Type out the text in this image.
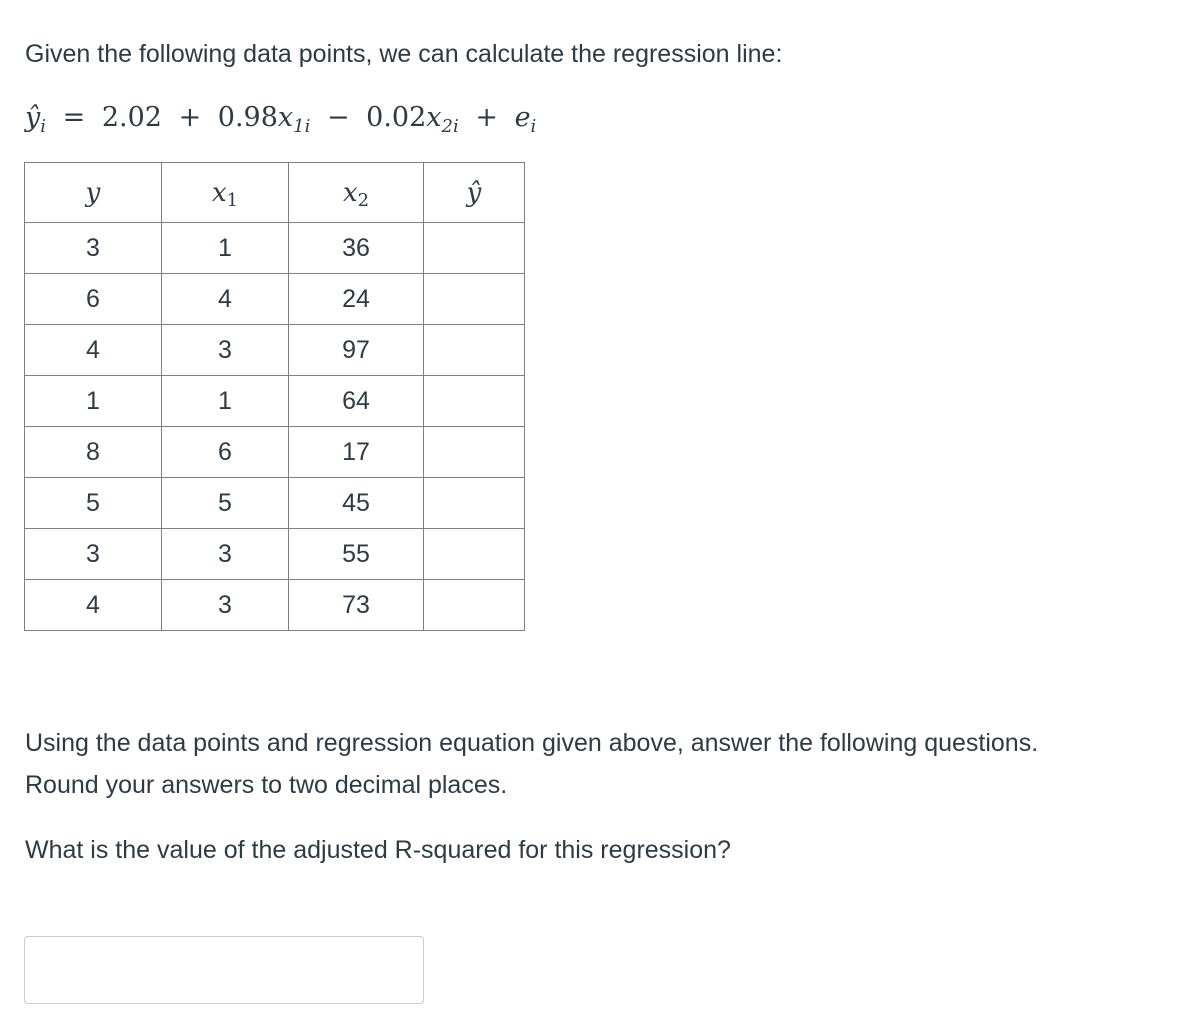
Given the following data points, we can calculate the regression line:

$ŷ_i = 2.02 + 0.98x_{1i} - 0.02x_{2i} + e_i$
y	$x_1$	$x_2$	ŷ
3	1	36	
6	4	24	
4	3	97	
1	1	64	
8	6	17	
5	5	45	
3	3	55	
4	3	73	
Using the data points and regression equation given above, answer the following questions.
Round your answers to two decimal places.

What is the value of the adjusted R-squared for this regression?
